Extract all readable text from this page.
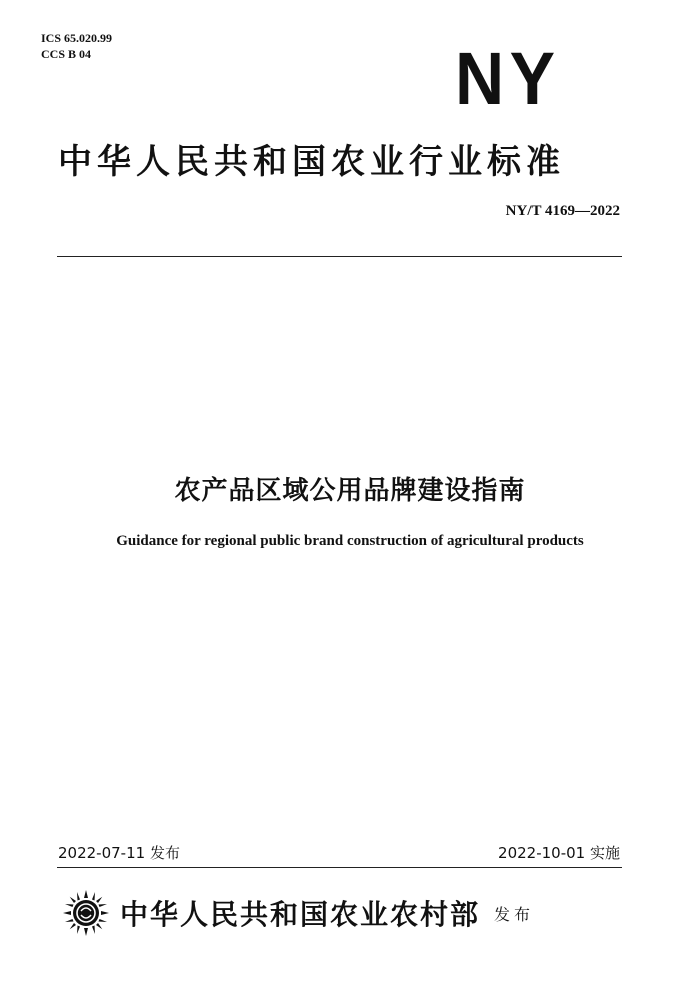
ICS 65.020.99
CCS B 04	NY
中华人民共和国农业行业标准
NY/T 4169—2022
农产品区域公用品牌建设指南
Guidance for regional public brand construction of agricultural products
2022-07-11 发布	2022-10-01 实施
中华人民共和国农业农村部 发布
